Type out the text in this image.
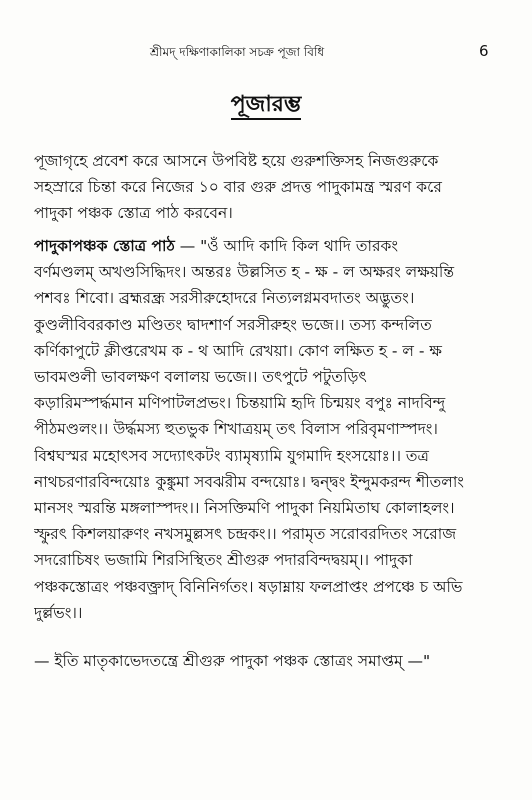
শ্রীমদ্ দক্ষিণাকালিকা সচক্র পূজা বিধি	6
পূজারম্ভ
পূজাগৃহে প্রবেশ করে আসনে উপবিষ্ট হয়ে গুরুশক্তিসহ নিজগুরুকে
সহস্রারে চিন্তা করে নিজের ১০ বার গুরু প্রদত্ত পাদুকামন্ত্র স্মরণ করে
পাদুকা পঞ্চক স্তোত্র পাঠ করবেন।
পাদুকাপঞ্চক স্তোত্র পাঠ — "ওঁ আদি কাদি কিল থাদি তারকং
বর্ণমণ্ডলম্ অখণ্ডসিদ্ধিদং। অন্তরঃ উল্লসিত হ - ক্ষ - ল অক্ষরং লক্ষয়ন্তি
পশবঃ শিবো। ব্রহ্মরন্ধ্র সরসীরুহোদরে নিত্যলগ্নমবদাতং অদ্ভুতং।
কুণ্ডলীবিবরকাণ্ড মণ্ডিতং দ্বাদশার্ণ সরসীরুহং ভজে।। তস্য কন্দলিত
কর্ণিকাপুটে ক্লীপ্তরেখম ক - থ আদি রেখয়া। কোণ লক্ষিত হ - ল - ক্ষ
ভাবমণ্ডলী ভাবলক্ষণ বলালয় ভজে।। তৎপুটে পটুতড়িৎ
কড়ারিমস্পর্দ্ধমান মণিপাটলপ্রভং। চিন্তয়ামি হৃদি চিন্ময়ং বপুঃ নাদবিন্দু
পীঠমণ্ডলং।। উর্দ্ধমস্য হুতভুক শিখাত্রয়ম্ তৎ বিলাস পরিবৃমণাস্পদং।
বিশ্বঘস্মর মহোৎসব সদ্যোৎকটং ব্যামৃষ্যামি যুগমাদি হংসয়োঃ।। তত্র
নাথচরণারবিন্দয়োঃ কুঙ্কুমা সবঝরীম বন্দয়োঃ। দ্বন্দ্বং ইন্দুমকরন্দ শীতলাং
মানসং স্মরন্তি মঙ্গলাস্পদং।। নিসক্তিমণি পাদুকা নিয়মিতাঘ কোলাহলং।
স্ফুরৎ কিশলয়ারুণং নখসমুল্লসৎ চন্দ্রকং।। পরামৃত সরোবরদিতং সরোজ
সদরোচিষং ভজামি শিরসিস্থিতং শ্রীগুরু পদারবিন্দদ্বয়ম্।। পাদুকা
পঞ্চকস্তোত্রং পঞ্চবক্ত্রাদ্ বিনিনির্গতং। ষড়াম্নায় ফলপ্রাপ্তং প্রপঞ্চে চ অভি
দুর্ল্লভং।।
— ইতি মাতৃকাভেদতন্ত্রে শ্রীগুরু পাদুকা পঞ্চক স্তোত্রং সমাপ্তম্ —"
